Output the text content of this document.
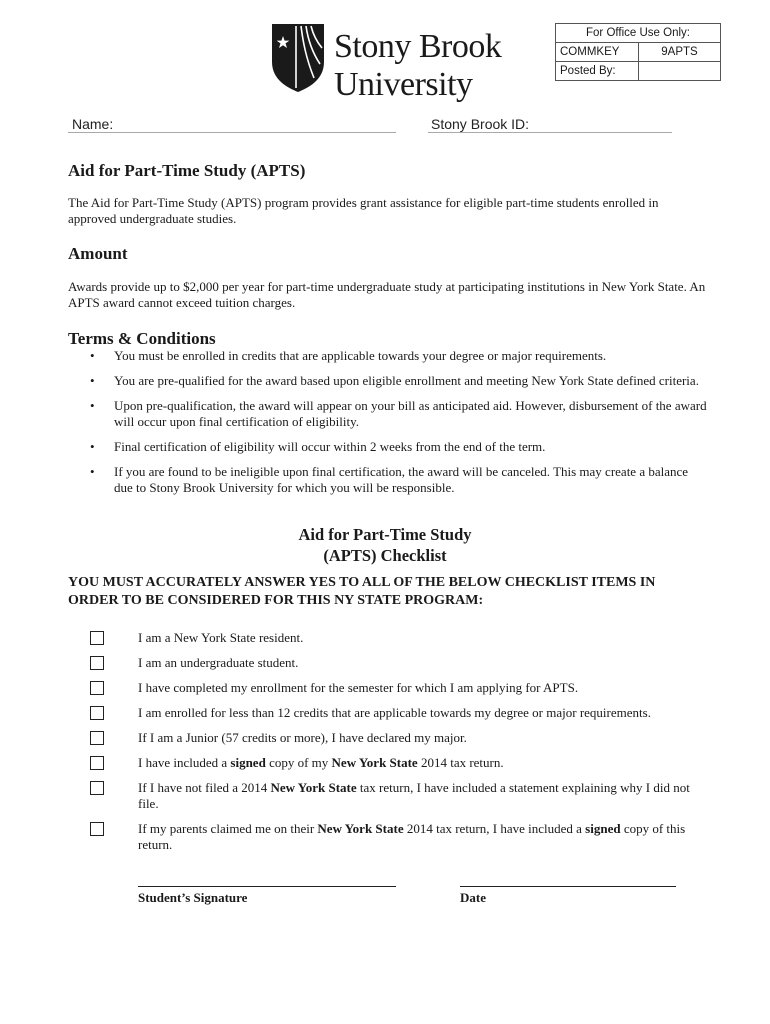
Stony Brook
University
For Office Use Only:	
COMMKEY	9APTS
Posted By:	
Name:	Stony Brook ID:
Aid for Part-Time Study (APTS)
The Aid for Part-Time Study (APTS) program provides grant assistance for eligible part-time students enrolled in approved undergraduate studies.
Amount
Awards provide up to $2,000 per year for part-time undergraduate study at participating institutions in New York State. An APTS award cannot exceed tuition charges.
Terms & Conditions
• You must be enrolled in credits that are applicable towards your degree or major requirements.
• You are pre-qualified for the award based upon eligible enrollment and meeting New York State defined criteria.
• Upon pre-qualification, the award will appear on your bill as anticipated aid. However, disbursement of the award will occur upon final certification of eligibility.
• Final certification of eligibility will occur within 2 weeks from the end of the term.
• If you are found to be ineligible upon final certification, the award will be canceled. This may create a balance due to Stony Brook University for which you will be responsible.
Aid for Part-Time Study
(APTS) Checklist
YOU MUST ACCURATELY ANSWER YES TO ALL OF THE BELOW CHECKLIST ITEMS IN ORDER TO BE CONSIDERED FOR THIS NY STATE PROGRAM:
I am a New York State resident.
I am an undergraduate student.
I have completed my enrollment for the semester for which I am applying for APTS.
I am enrolled for less than 12 credits that are applicable towards my degree or major requirements.
If I am a Junior (57 credits or more), I have declared my major.
I have included a signed copy of my New York State 2014 tax return.
If I have not filed a 2014 New York State tax return, I have included a statement explaining why I did not file.
If my parents claimed me on their New York State 2014 tax return, I have included a signed copy of this return.
Student’s Signature	Date
